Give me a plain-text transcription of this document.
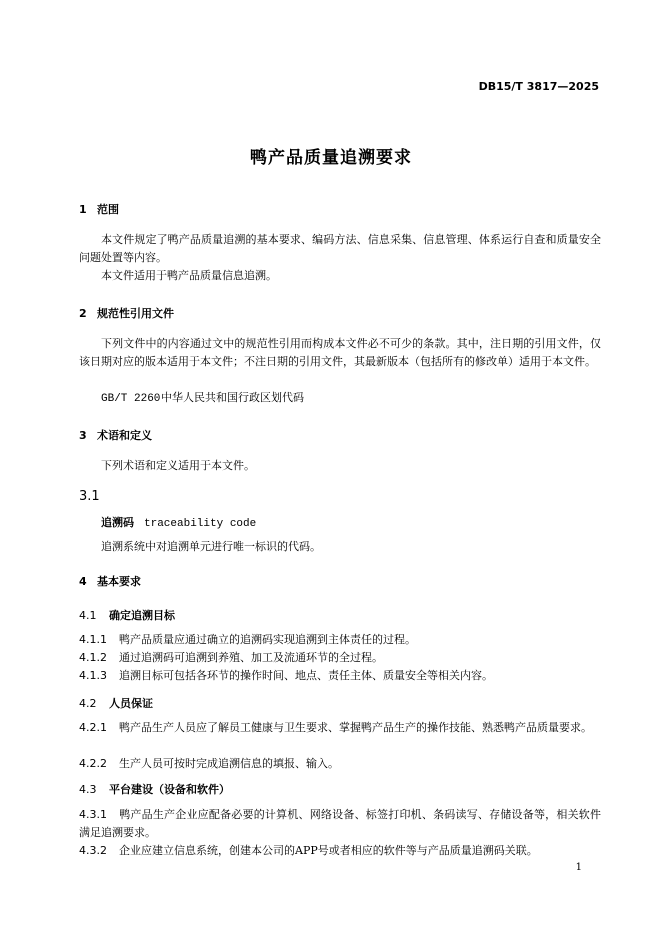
DB15/T 3817—2025
鸭产品质量追溯要求
1 范围
本文件规定了鸭产品质量追溯的基本要求、编码方法、信息采集、信息管理、体系运行自查和质量安全问题处置等内容。
本文件适用于鸭产品质量信息追溯。
2 规范性引用文件
下列文件中的内容通过文中的规范性引用而构成本文件必不可少的条款。其中，注日期的引用文件，仅该日期对应的版本适用于本文件；不注日期的引用文件，其最新版本（包括所有的修改单）适用于本文件。
GB/T 2260中华人民共和国行政区划代码
3 术语和定义
下列术语和定义适用于本文件。
3.1
追溯码 traceability code
追溯系统中对追溯单元进行唯一标识的代码。
4 基本要求
4.1 确定追溯目标
4.1.1 鸭产品质量应通过确立的追溯码实现追溯到主体责任的过程。
4.1.2 通过追溯码可追溯到养殖、加工及流通环节的全过程。
4.1.3 追溯目标可包括各环节的操作时间、地点、责任主体、质量安全等相关内容。
4.2 人员保证
4.2.1 鸭产品生产人员应了解员工健康与卫生要求、掌握鸭产品生产的操作技能、熟悉鸭产品质量要求。
4.2.2 生产人员可按时完成追溯信息的填报、输入。
4.3 平台建设（设备和软件）
4.3.1 鸭产品生产企业应配备必要的计算机、网络设备、标签打印机、条码读写、存储设备等，相关软件满足追溯要求。
4.3.2 企业应建立信息系统，创建本公司的APP号或者相应的软件等与产品质量追溯码关联。
1
